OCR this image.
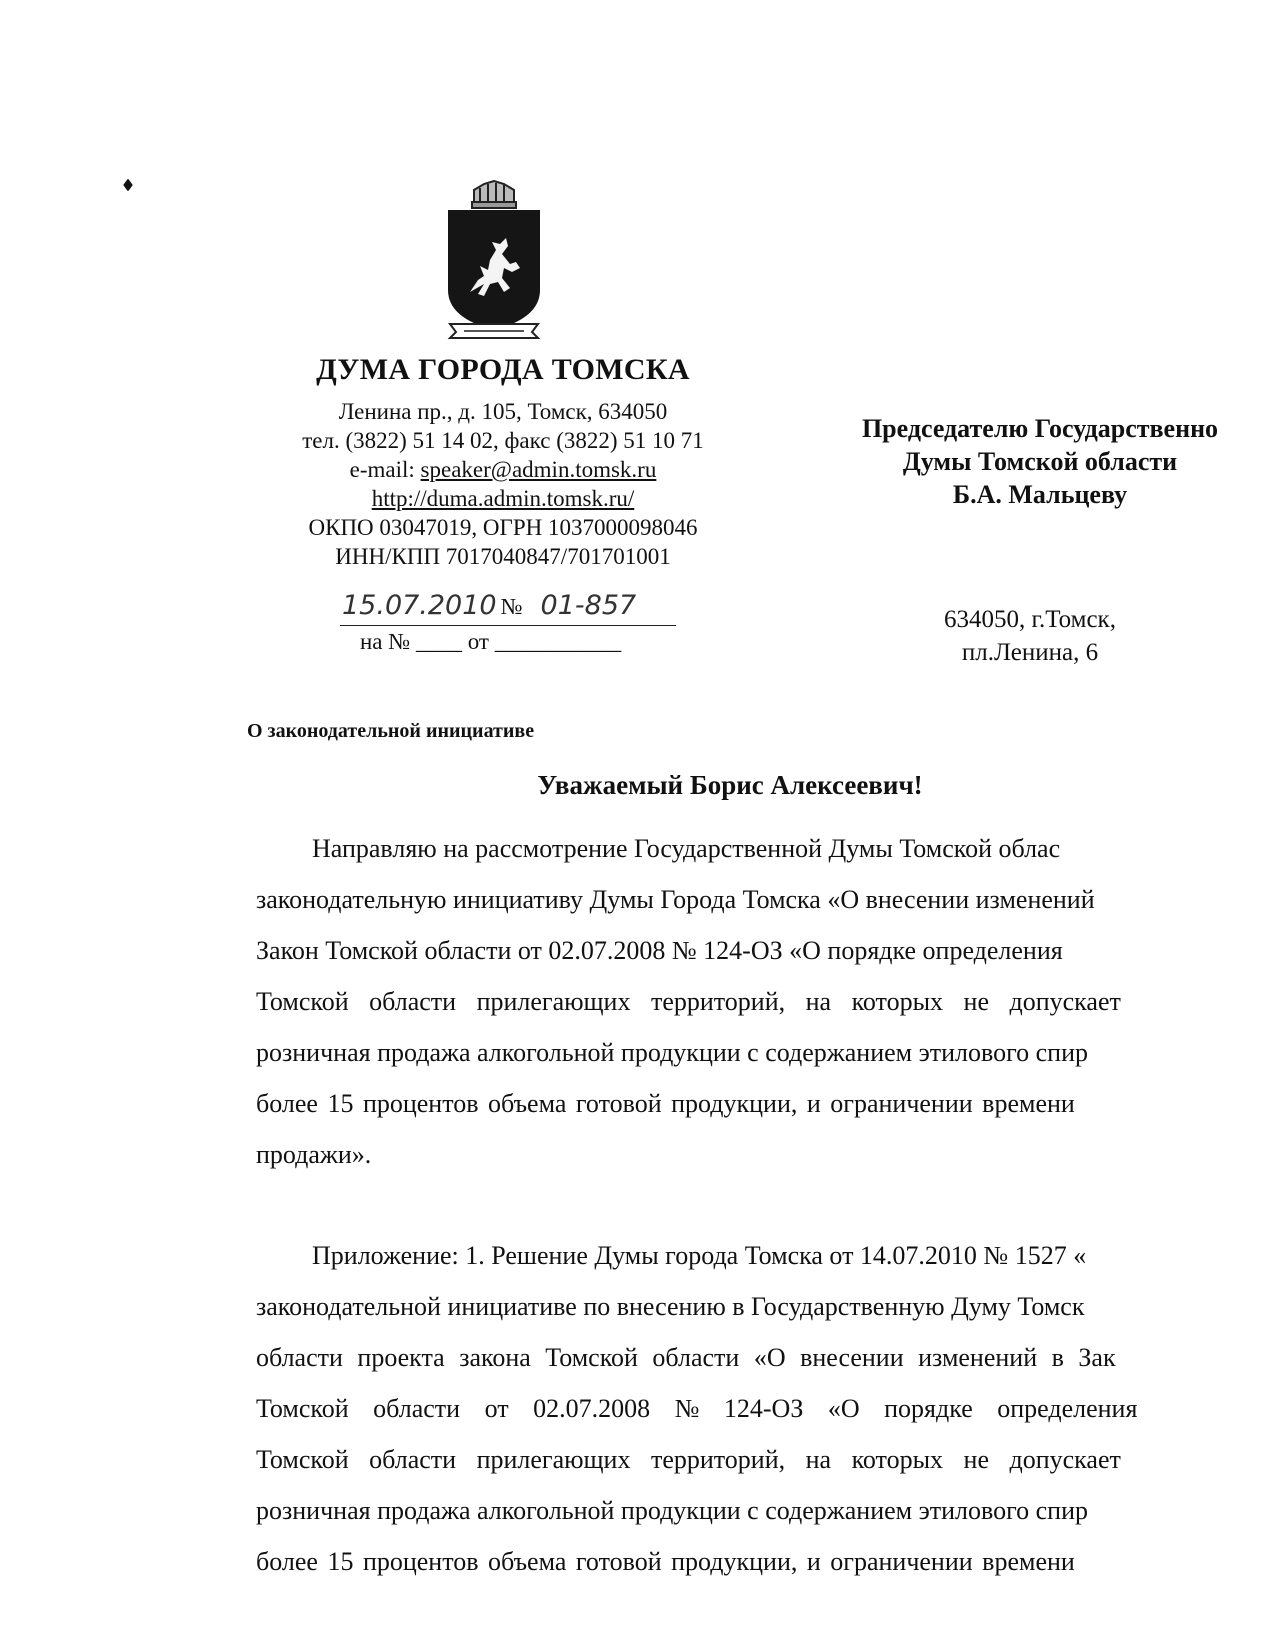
ДУМА ГОРОДА ТОМСКА
Ленина пр., д. 105, Томск, 634050
тел. (3822) 51 14 02, факс (3822) 51 10 71
e-mail: speaker@admin.tomsk.ru
http://duma.admin.tomsk.ru/
ОКПО 03047019, ОГРН 1037000098046
ИНН/КПП 7017040847/701701001
15.07.2010 № 01-857
на № ____ от ___________
Председателю Государственно
Думы Томской области
Б.А. Мальцеву
634050, г.Томск,
пл.Ленина, 6
О законодательной инициативе
Уважаемый Борис Алексеевич!
Направляю на рассмотрение Государственной Думы Томской облас
законодательную инициативу Думы Города Томска «О внесении изменений
Закон Томской области от 02.07.2008 № 124-ОЗ «О порядке определения
Томской области прилегающих территорий, на которых не допускает
розничная продажа алкогольной продукции с содержанием этилового спир
более 15 процентов объема готовой продукции, и ограничении времени
продажи».
Приложение: 1. Решение Думы города Томска от 14.07.2010 № 1527 «
законодательной инициативе по внесению в Государственную Думу Томск
области проекта закона Томской области «О внесении изменений в Зак
Томской области от 02.07.2008 № 124-ОЗ «О порядке определения
Томской области прилегающих территорий, на которых не допускает
розничная продажа алкогольной продукции с содержанием этилового спир
более 15 процентов объема готовой продукции, и ограничении времени
